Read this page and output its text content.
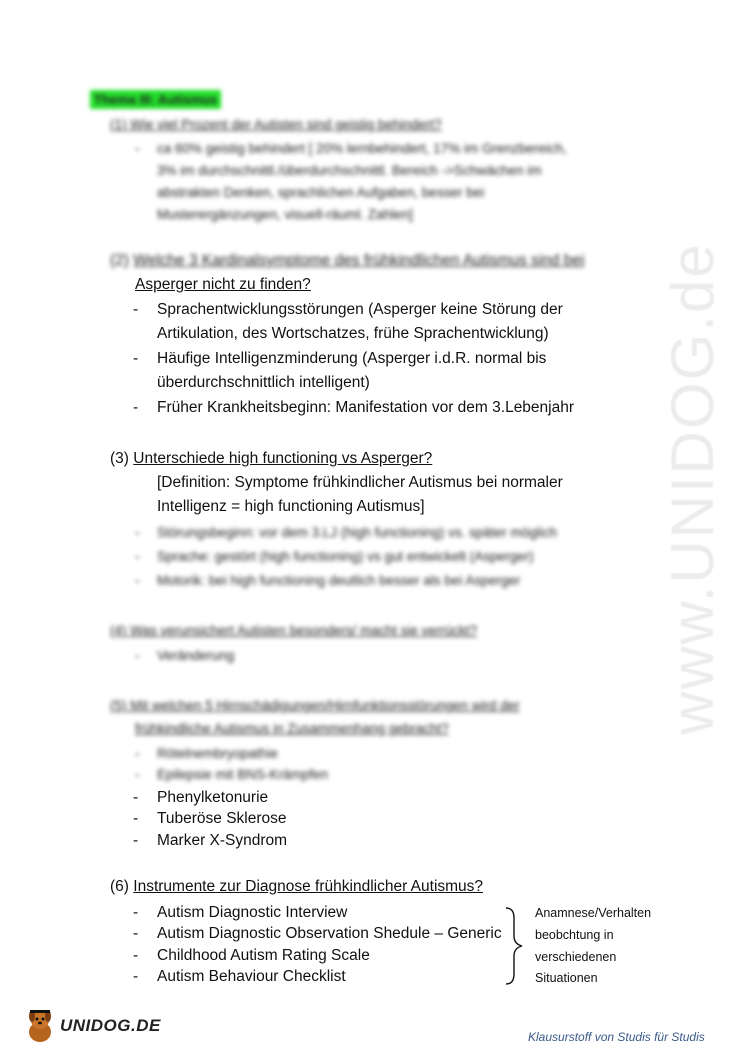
www.UNIDOG.de
Thema III: Autismus
(1) Wie viel Prozent der Autisten sind geistig behindert?
- ca 60% geistig behindert [ 20% lernbehindert, 17% im Grenzbereich,
3% im durchschnittl./überdurchschnittl. Bereich ->Schwächen im
abstrakten Denken, sprachlichen Aufgaben, besser bei
Musterergänzungen, visuell-räuml. Zahlen]
(2) Welche 3 Kardinalsymptome des frühkindlichen Autismus sind bei
Asperger nicht zu finden?
- Sprachentwicklungsstörungen (Asperger keine Störung der
Artikulation, des Wortschatzes, frühe Sprachentwicklung)
- Häufige Intelligenzminderung (Asperger i.d.R. normal bis
überdurchschnittlich intelligent)
- Früher Krankheitsbeginn: Manifestation vor dem 3.Lebenjahr
(3) Unterschiede high functioning vs Asperger?
[Definition: Symptome frühkindlicher Autismus bei normaler
Intelligenz = high functioning Autismus]
- Störungsbeginn: vor dem 3.LJ (high functioning) vs. später möglich
- Sprache: gestört (high functioning) vs gut entwickelt (Asperger)
- Motorik: bei high functioning deutlich besser als bei Asperger
(4) Was verunsichert Autisten besonders/ macht sie verrückt?
- Veränderung
(5) Mit welchen 5 Hirnschädigungen/Hirnfunktionsstörungen wird der
frühkindliche Autismus in Zusammenhang gebracht?
- Rötelnembryopathie
- Epilepsie mit BNS-Krämpfen
- Phenylketonurie
- Tuberöse Sklerose
- Marker X-Syndrom
(6) Instrumente zur Diagnose frühkindlicher Autismus?
- Autism Diagnostic Interview
- Autism Diagnostic Observation Shedule – Generic
- Childhood Autism Rating Scale
- Autism Behaviour Checklist
Anamnese/Verhalten
beobchtung in
verschiedenen
Situationen
UNIDOG.DE
Klausurstoff von Studis für Studis
